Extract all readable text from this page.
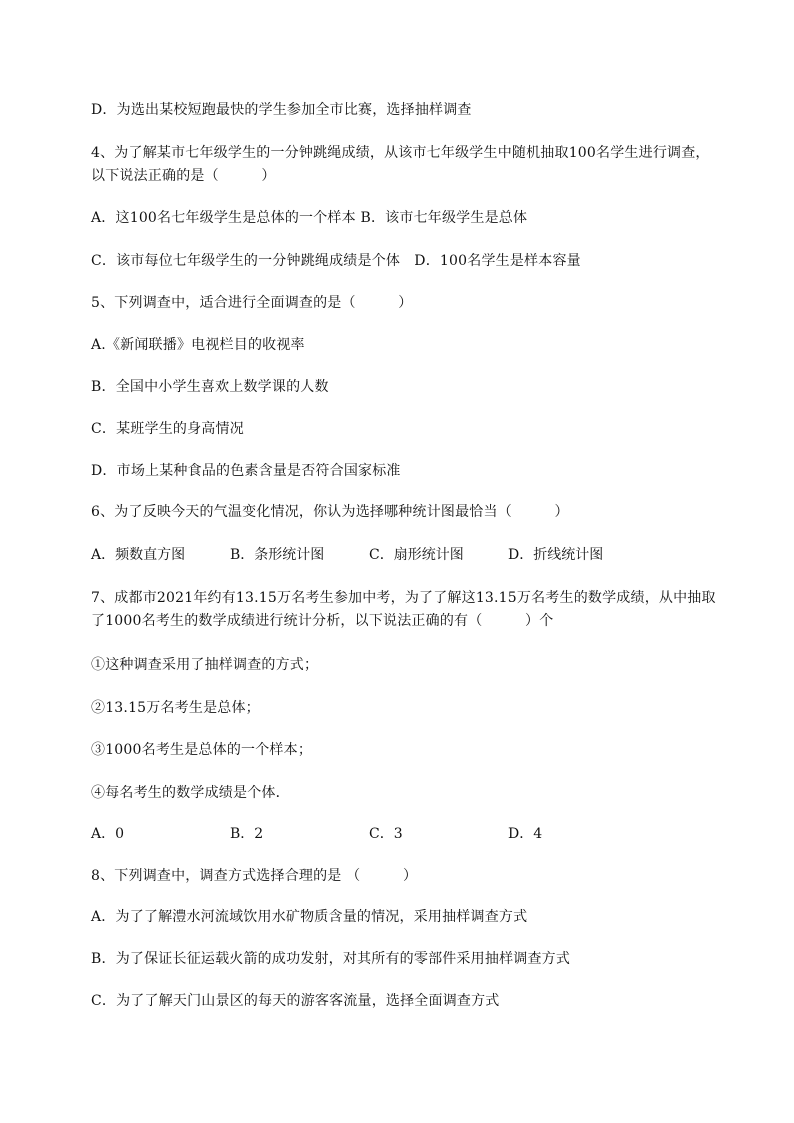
D．为选出某校短跑最快的学生参加全市比赛，选择抽样调查
4、为了解某市七年级学生的一分钟跳绳成绩，从该市七年级学生中随机抽取100名学生进行调查，
以下说法正确的是（　　　）
A．这100名七年级学生是总体的一个样本 B．该市七年级学生是总体
C．该市每位七年级学生的一分钟跳绳成绩是个体　D．100名学生是样本容量
5、下列调查中，适合进行全面调查的是（　　　）
A.《新闻联播》电视栏目的收视率
B．全国中小学生喜欢上数学课的人数
C．某班学生的身高情况
D．市场上某种食品的色素含量是否符合国家标准
6、为了反映今天的气温变化情况，你认为选择哪种统计图最恰当（　　　）

A．频数直方图

	B．条形统计图

	C．扇形统计图

	D．折线统计图

7、成都市2021年约有13.15万名考生参加中考，为了了解这13.15万名考生的数学成绩，从中抽取
了1000名考生的数学成绩进行统计分析，以下说法正确的有（　　　）个
①这种调查采用了抽样调查的方式；
②13.15万名考生是总体；
③1000名考生是总体的一个样本；
④每名考生的数学成绩是个体．

A．0

	B．2

	C．3

	D．4

8、下列调查中，调查方式选择合理的是 （　　　）
A．为了了解澧水河流域饮用水矿物质含量的情况，采用抽样调查方式
B．为了保证长征运载火箭的成功发射，对其所有的零部件采用抽样调查方式
C．为了了解天门山景区的每天的游客客流量，选择全面调查方式
